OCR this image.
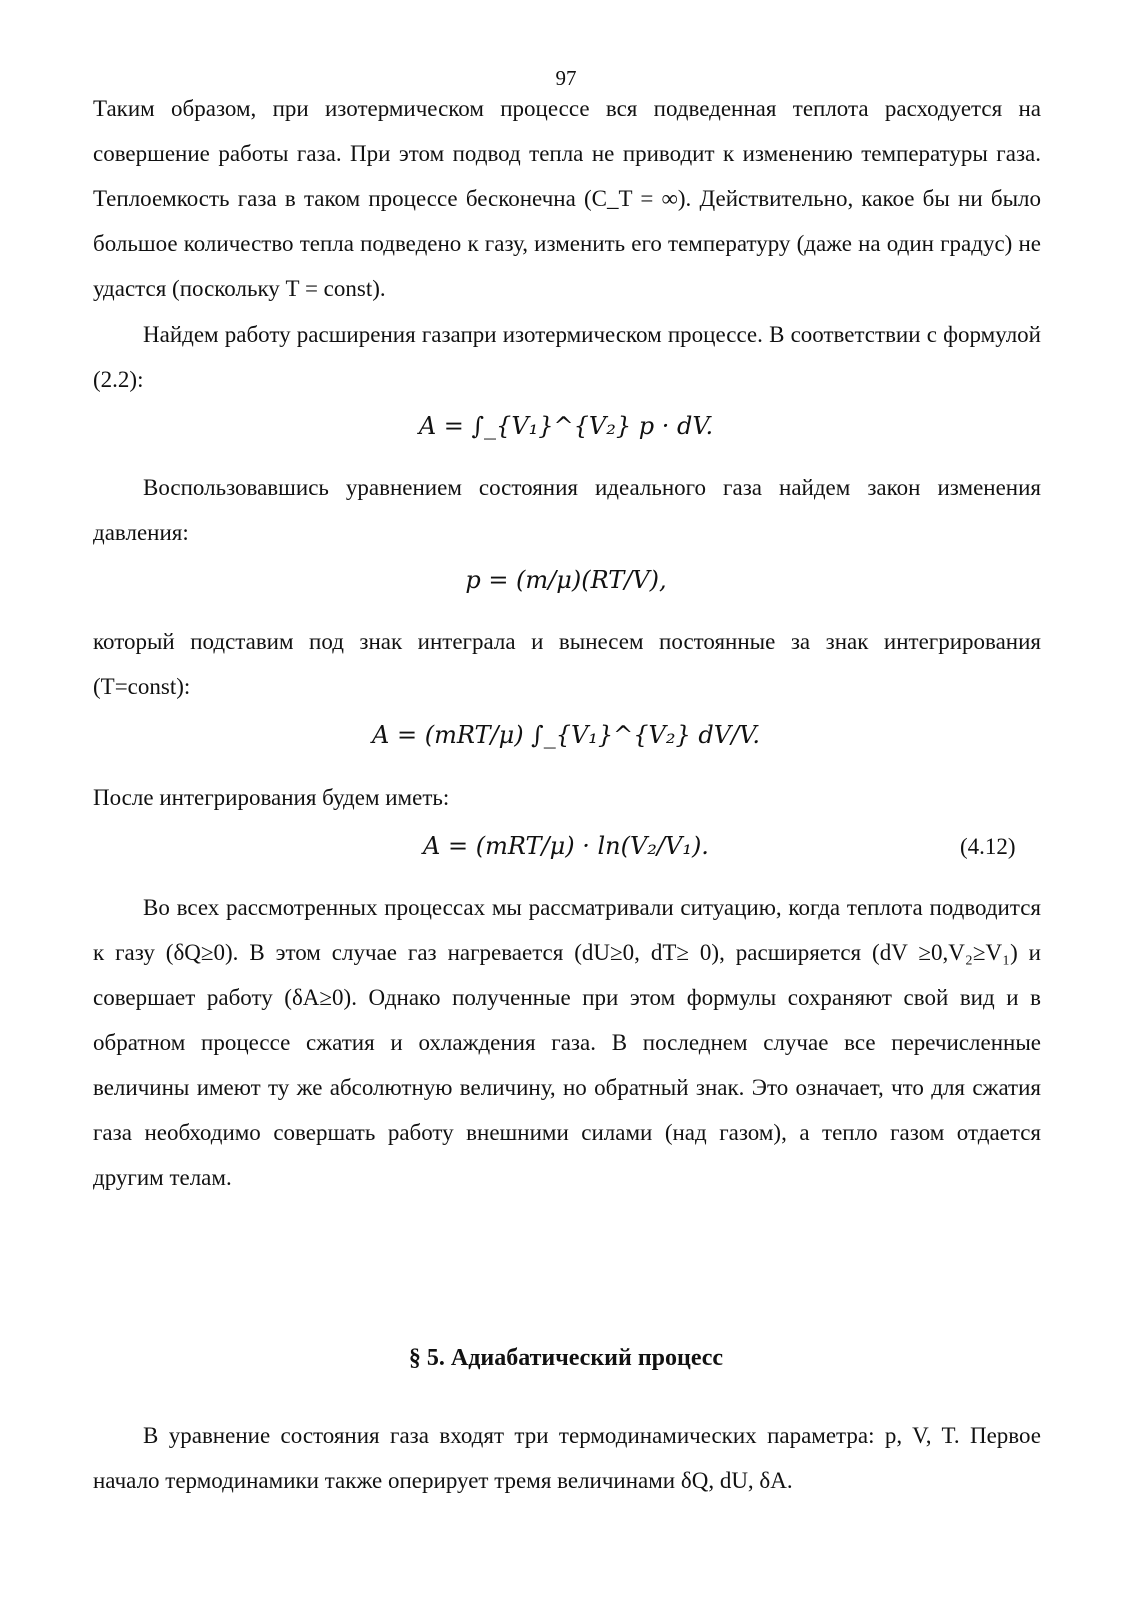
97

Таким образом, при изотермическом процессе вся подведенная теплота расходуется на совершение работы газа. При этом подвод тепла не приводит к изменению температуры газа. Теплоемкость газа в таком процессе бесконечна (C_T = ∞). Действительно, какое бы ни было большое количество тепла подведено к газу, изменить его температуру (даже на один градус) не удастся (поскольку T = const).

Найдем работу расширения газапри изотермическом процессе. В соответствии с формулой (2.2):

A = ∫_{V₁}^{V₂} p · dV.

Воспользовавшись уравнением состояния идеального газа найдем закон изменения давления:

p = (m/μ)(RT/V),

который подставим под знак интеграла и вынесем постоянные за знак интегрирования (T=const):

A = (mRT/μ) ∫_{V₁}^{V₂} dV/V.

После интегрирования будем иметь:

A = (mRT/μ) · ln(V₂/V₁).	(4.12)

Во всех рассмотренных процессах мы рассматривали ситуацию, когда теплота подводится к газу (δQ≥0). В этом случае газ нагревается (dU≥0, dT≥ 0), расширяется (dV ≥0,V₂≥V₁) и совершает работу (δA≥0). Однако полученные при этом формулы сохраняют свой вид и в обратном процессе сжатия и охлаждения газа. В последнем случае все перечисленные величины имеют ту же абсолютную величину, но обратный знак. Это означает, что для сжатия газа необходимо совершать работу внешними силами (над газом), а тепло газом отдается другим телам.

§ 5. Адиабатический процесс

В уравнение состояния газа входят три термодинамических параметра: p, V, T. Первое начало термодинамики также оперирует тремя величинами δQ, dU, δA.
